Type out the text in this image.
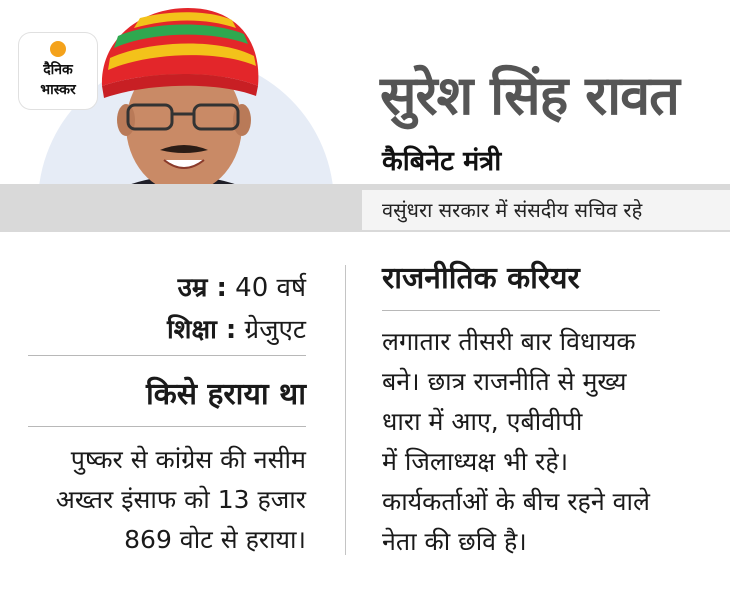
दैनिक
भास्कर	सुरेश सिंह रावत
कैबिनेट मंत्री
वसुंधरा सरकार में संसदीय सचिव रहे
उम्र : 40 वर्ष
शिक्षा : ग्रेजुएट
किसे हराया था
पुष्कर से कांग्रेस की नसीम
अख्तर इंसाफ को 13 हजार
869 वोट से हराया।
राजनीतिक करियर
लगातार तीसरी बार विधायक
बने। छात्र राजनीति से मुख्य
धारा में आए, एबीवीपी
में जिलाध्यक्ष भी रहे।
कार्यकर्ताओं के बीच रहने वाले
नेता की छवि है।
